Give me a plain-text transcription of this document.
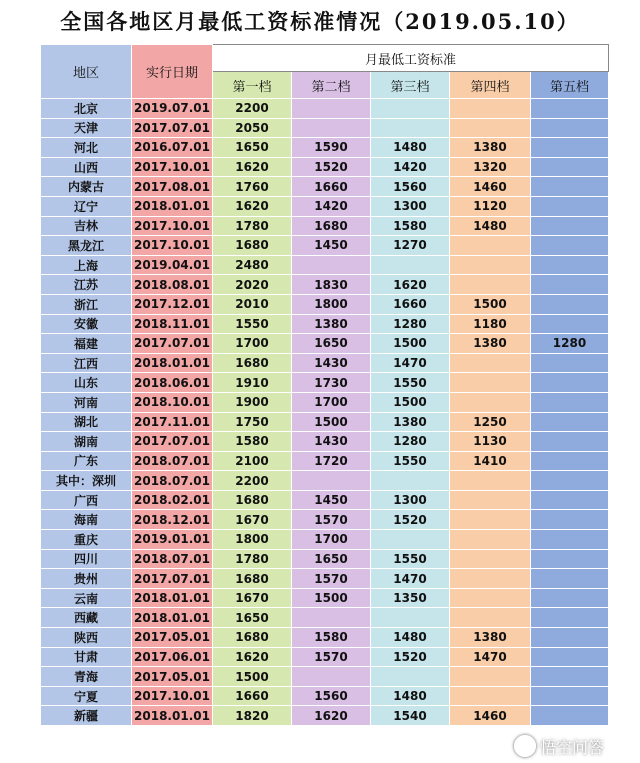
全国各地区月最低工资标准情况（2019.05.10）
地区	实行日期	月最低工资标准				
		第一档	第二档	第三档	第四档	第五档
北京	2019.07.01	2200				
天津	2017.07.01	2050				
河北	2016.07.01	1650	1590	1480	1380	
山西	2017.10.01	1620	1520	1420	1320	
内蒙古	2017.08.01	1760	1660	1560	1460	
辽宁	2018.01.01	1620	1420	1300	1120	
吉林	2017.10.01	1780	1680	1580	1480	
黑龙江	2017.10.01	1680	1450	1270		
上海	2019.04.01	2480				
江苏	2018.08.01	2020	1830	1620		
浙江	2017.12.01	2010	1800	1660	1500	
安徽	2018.11.01	1550	1380	1280	1180	
福建	2017.07.01	1700	1650	1500	1380	1280
江西	2018.01.01	1680	1430	1470		
山东	2018.06.01	1910	1730	1550		
河南	2018.10.01	1900	1700	1500		
湖北	2017.11.01	1750	1500	1380	1250	
湖南	2017.07.01	1580	1430	1280	1130	
广东	2018.07.01	2100	1720	1550	1410	
其中：深圳	2018.07.01	2200				
广西	2018.02.01	1680	1450	1300		
海南	2018.12.01	1670	1570	1520		
重庆	2019.01.01	1800	1700			
四川	2018.07.01	1780	1650	1550		
贵州	2017.07.01	1680	1570	1470		
云南	2018.01.01	1670	1500	1350		
西藏	2018.01.01	1650				
陕西	2017.05.01	1680	1580	1480	1380	
甘肃	2017.06.01	1620	1570	1520	1470	
青海	2017.05.01	1500				
宁夏	2017.10.01	1660	1560	1480		
新疆	2018.01.01	1820	1620	1540	1460	
悟空问答
